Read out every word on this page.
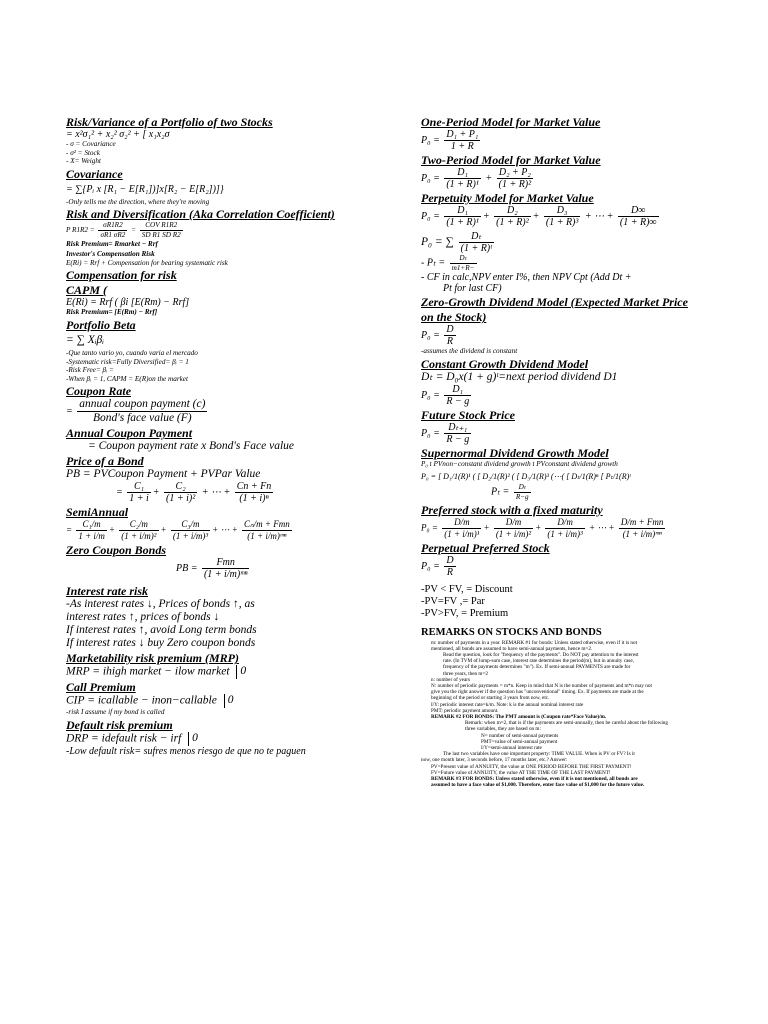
Risk/Variance of a Portfolio of two Stocks
= x²σ₁² + x₂² σ₂² + [ x₁x₂σ
- σ = Covariance
- σ² = Stock
- X= Weight
Covariance
= ∑{Pᵢ x [R₁ − E[R₁])]x[R₂ − E[R₂])]}
-Only tells me the direction, where they're moving
Risk and Diversification (Aka Correlation Coefficient)
P $R1R2 = \frac{\sigma R1R2}{\sigma R1 \sigma R2} = \frac{\text{COV R1R2}}{\text{SD R1 SD R2}}$
Risk Premium= Rmarket − Rrf
Investor's Compensation Risk
E(Ri) = Rrf + Compensation for bearing systematic risk
Compensation for risk
CAPM (
E(Ri) = Rrf ( βi [E(Rm) − Rrf]
Risk Premium= [E(Rm) − Rrf]
Portfolio Beta
= ∑ Xᵢβᵢ
-Que tanto vario yo, cuando varia el mercado
-Systematic risk=Fully Diversified= βᵢ = 1
-Risk Free= βᵢ =
-When βᵢ = 1, CAPM = E(R)on the market
Coupon Rate
= $\frac{\text{annual coupon payment (c)}}{\text{Bond's face value (F)}}$
Annual Coupon Payment
= Coupon payment rate x Bond's Face value
Price of a Bond
PB = PVCoupon Payment + PVPar Value
= $\frac{\text{C₁}}{1 + i} + \frac{\text{C₂}}{\text{(1 + i)²}}$ + ⋯ + $\frac{Cn + Fn}{\text{(1 + i)ⁿ}}$
SemiAnnual
= $\frac{\text{C₁/m}}{1 + i/m} + \frac{\text{C₂/m}}{\text{(1 + i/m)²}} + \frac{\text{C₃/m}}{\text{(1 + i/m)³}}$ + ⋯ + $\frac{\text{Cₙ/m + Fmn}}{\text{(1 + i/m)ᵐⁿ}}$
Zero Coupon Bonds
PB = $\frac{\text{Fmn}}{\text{(1 + i/m)ᵐⁿ}}$
Interest rate risk
-As interest rates ↓, Prices of bonds ↑, as
interest rates ↑, prices of bonds ↓
If interest rates ↑, avoid Long term bonds
If interest rates ↓ buy Zero coupon bonds
Marketability risk premium (MRP)
MRP = ihigh market − ilow market 0
Call Premium
CIP = icallable − inon−callable 0
-risk I assume if my bond is called
Default risk premium
DRP = idefault risk − irf 0
-Low default risk= sufres menos riesgo de que no te paguen
One-Period Model for Market Value
$P_0 = \frac{\text{D₁ + P₁}}{1 + R}$
Two-Period Model for Market Value
$P_0 = \frac{\text{D₁}}{\text{(1 + R)¹}} + \frac{\text{D₂ + P₂}}{\text{(1 + R)²}}$
Perpetuity Model for Market Value
$P_0 = \frac{\text{D₁}}{\text{(1 + R)¹}} + \frac{\text{D₂}}{\text{(1 + R)²}} + \frac{\text{D₃}}{\text{(1 + R)³}}$ + ⋯ + $\frac{D\infty}{(1 + R)\infty}$
P₀ = ∑ $\frac{\text{Dₜ}}{\text{(1 + R)ᵗ}}$
- $P_t = \frac{\text{Dₜ}}{m1+R-}$
- CF in calc,NPV enter I%, then NPV Cpt (Add Dt +
Pt for last CF)
Zero-Growth Dividend Model (Expected Market Price
on the Stock)
$P_0 = \frac{D}{R}$
-assumes the dividend is constant
Constant Growth Dividend Model
Dₜ = D₀x(1 + g)ᵗ=next period dividend D1
$P_0 = \frac{\text{D₁}}{R - g}$
Future Stock Price
$P_0 = \frac{\text{Dₜ₊₁}}{R - g}$
Supernormal Dividend Growth Model
P₀ t PVnon−constant dividend growth t PVconstant dividend growth
P₀ = [ D₁/1(R)¹ ( [ D₂/1(R)² ( [ D₃/1(R)³ (⋯( [ Dₜ/1(R)ⁿ [ Pₜ/1(R)ᵗ
$P_t = \frac{\text{Dₜ}}{R-g}$
Preferred stock with a fixed maturity
$P_0 = \frac{D/m}{\text{(1 + i/m)¹}} + \frac{D/m}{\text{(1 + i/m)²}} + \frac{D/m}{\text{(1 + i/m)³}}$ + ⋯ + $\frac{\text{D/m + Fmn}}{\text{(1 + i/m)ᵐⁿ}}$
Perpetual Preferred Stock
$P_0 = \frac{D}{R}$
-PV < FV, = Discount
-PV=FV ,= Par
-PV>FV, = Premium
REMARKS ON STOCKS AND BONDS
m: number of payments in a year. REMARK #1 for bonds: Unless stated otherwise, even if it is not
mentioned, all bonds are assumed to have semi-annual payments, hence m=2.
Read the question, look for "frequency of the payments". Do NOT pay attention to the interest
rate. (In TVM of lump-sum case, interest rate determines the period(m), but in annuity case,
frequency of the payments determines "m"). Ex. If semi-annual PAYMENTS are made for
three years, then m=2
n: number of years
N: number of periodic payments = m*n. Keep in mind that N is the number of payments and m*n may not
give you the right answer if the question has "unconventional" timing. Ex. If payments are made at the
beginning of the period or starting 3 years from now, etc.
I/Y: periodic interest rate=k/m. Note: k is the annual nominal interest rate
PMT: periodic payment amount.
REMARK #2 FOR BONDS: The PMT amount is (Coupon rate*Face Value)/m.
Remark: when m=2, that is if the payments are semi-annually, then be careful about the following
three variables, they are based on m:
N= number of semi-annual payments
PMT=value of semi-annual payment
I/Y=semi-annual interest rate
The last two variables have one important property: TIME VALUE. When is PV or FV? Is it
now, one month later, 3 seconds before, 17 months later, etc.? Answer:
PV=Present value of ANNUITY, the value at ONE PERIOD BEFORE THE FIRST PAYMENT!
FV=Future value of ANNUITY, the value AT THE TIME OF THE LAST PAYMENT!
REMARK #3 FOR BONDS: Unless stated otherwise, even if it is not mentioned, all bonds are
assumed to have a face value of $1,000. Therefore, enter face value of $1,000 for the future value.
